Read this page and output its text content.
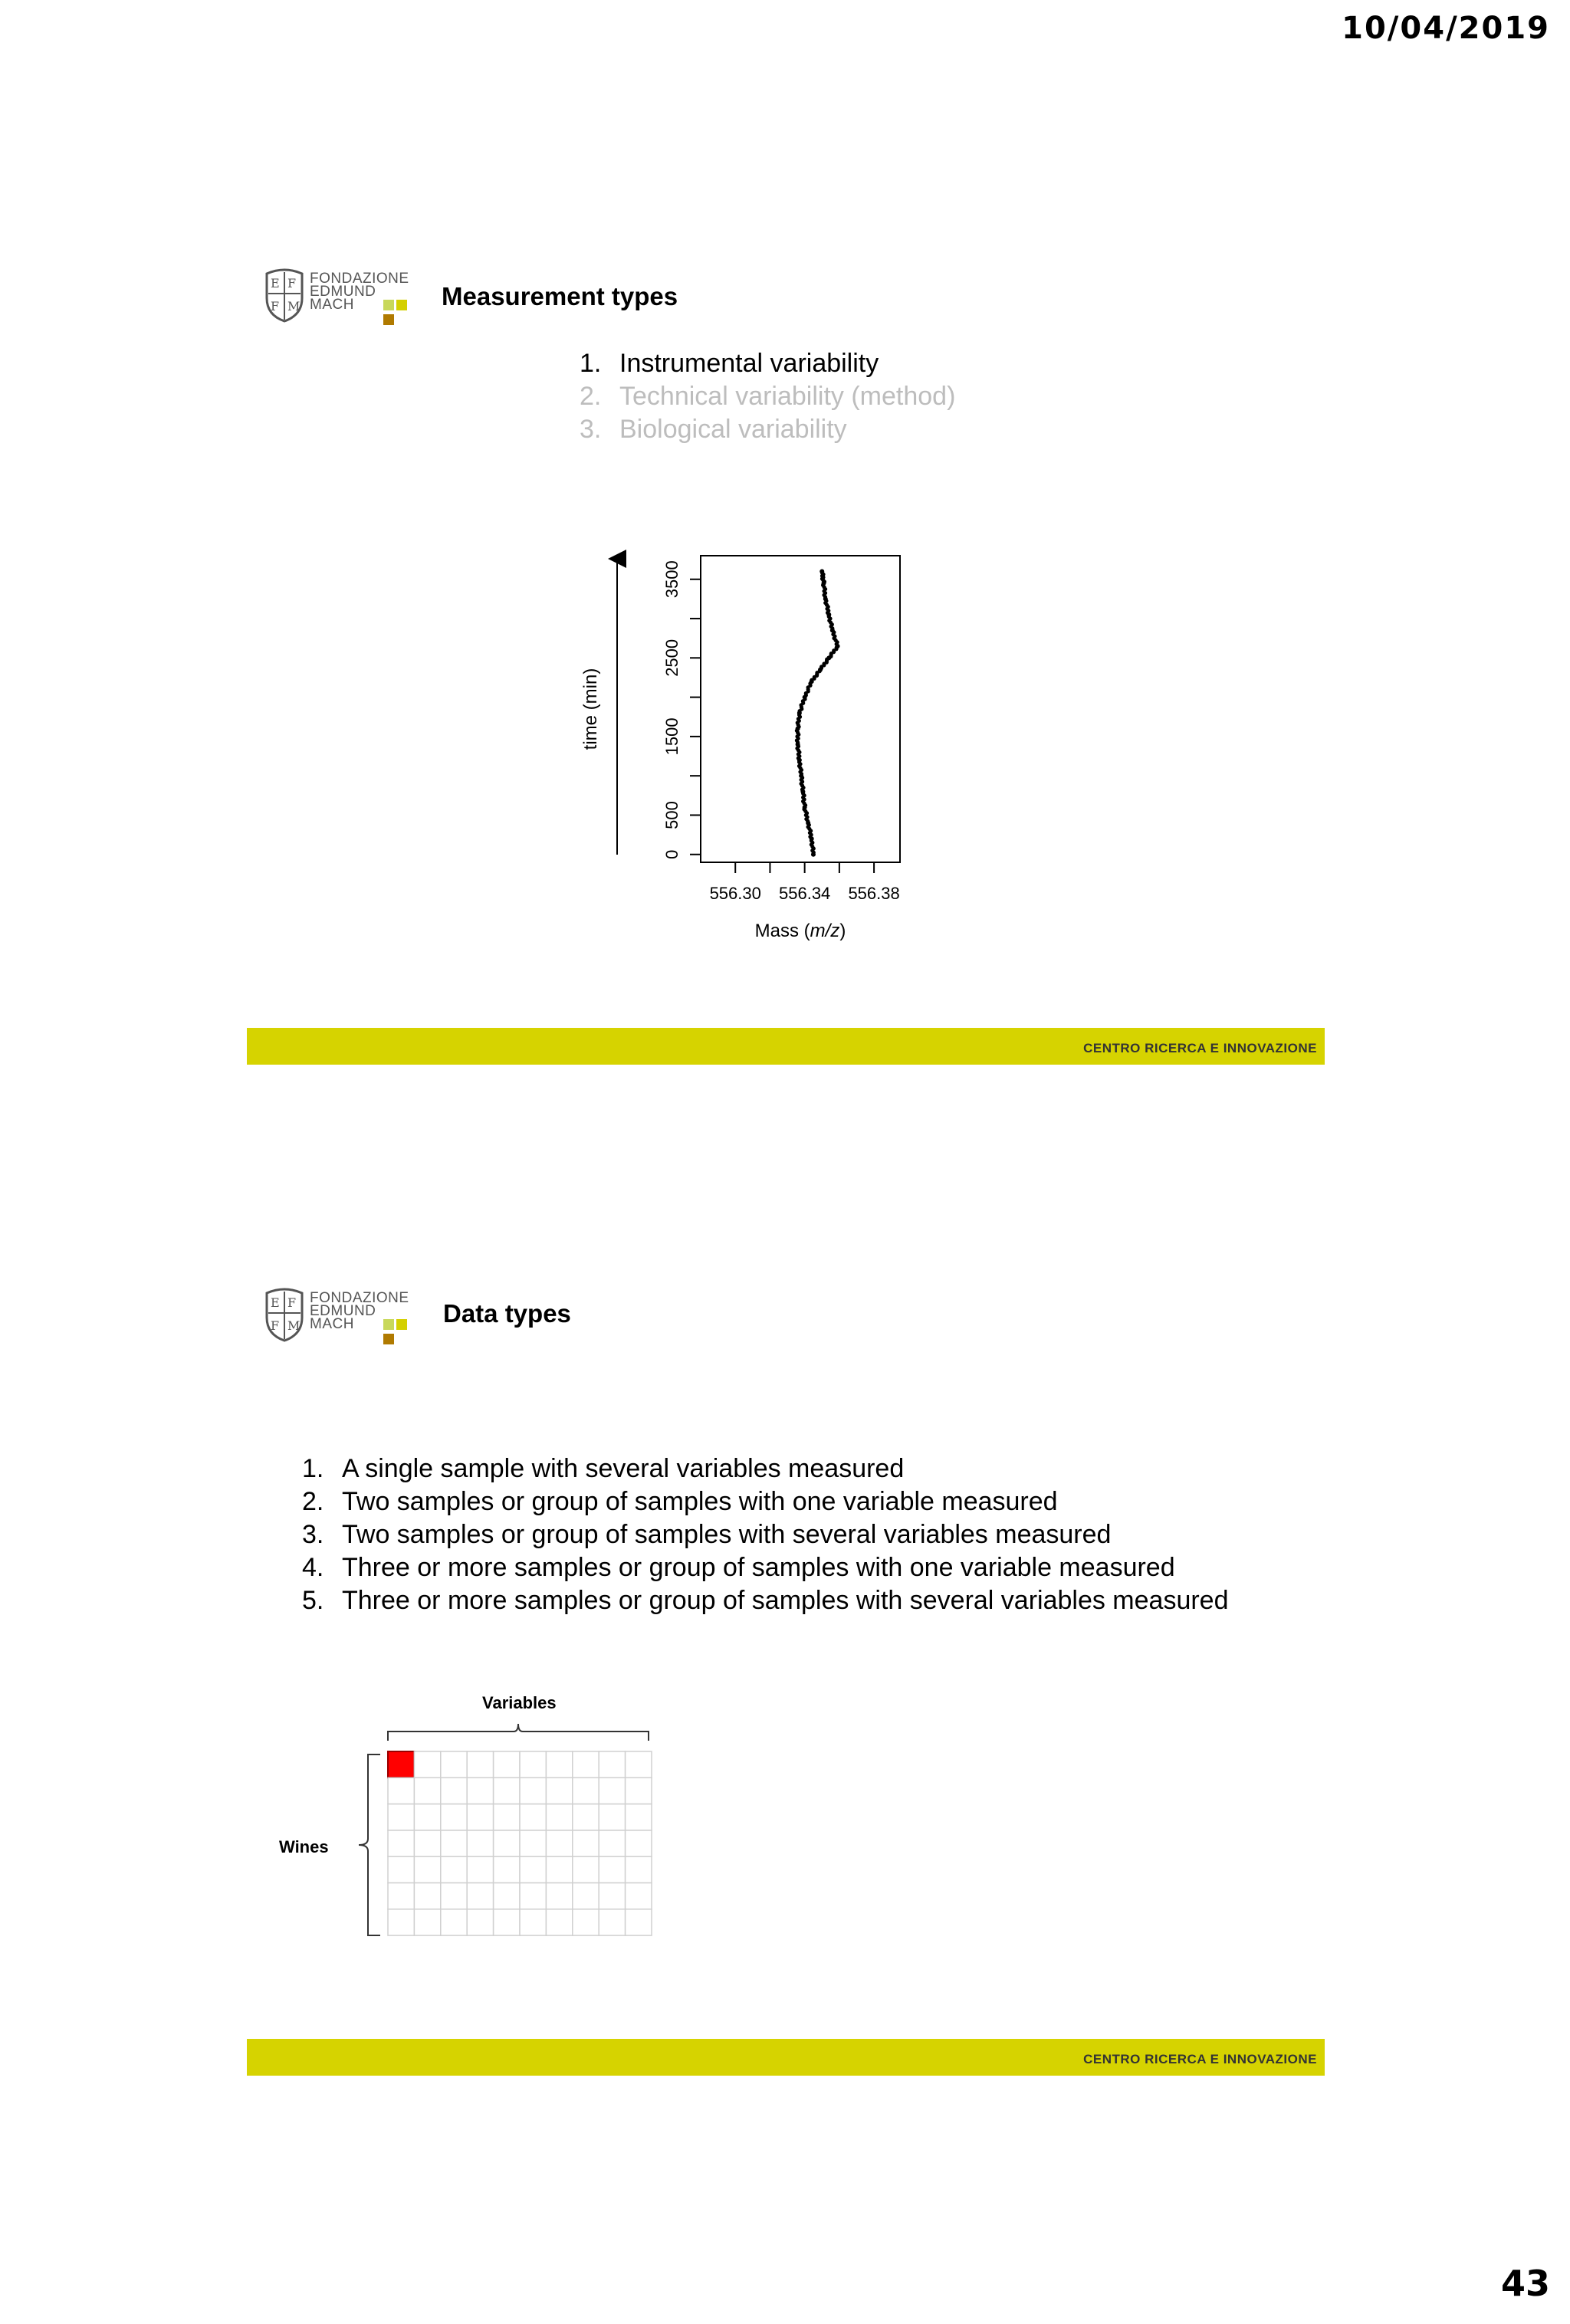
10/04/2019
E F
F M
FONDAZIONE
EDMUND
MACH	Measurement types
1. Instrumental variability
2. Technical variability (method)
3. Biological variability
time (min)
0
500
1500
2500
3500
556.30 556.34 556.38
Mass (m/z)
CENTRO RICERCA E INNOVAZIONE
E F
F M
FONDAZIONE
EDMUND
MACH	Data types
1. A single sample with several variables measured
2. Two samples or group of samples with one variable measured
3. Two samples or group of samples with several variables measured
4. Three or more samples or group of samples with one variable measured
5. Three or more samples or group of samples with several variables measured
Variables
Wines
CENTRO RICERCA E INNOVAZIONE
43
